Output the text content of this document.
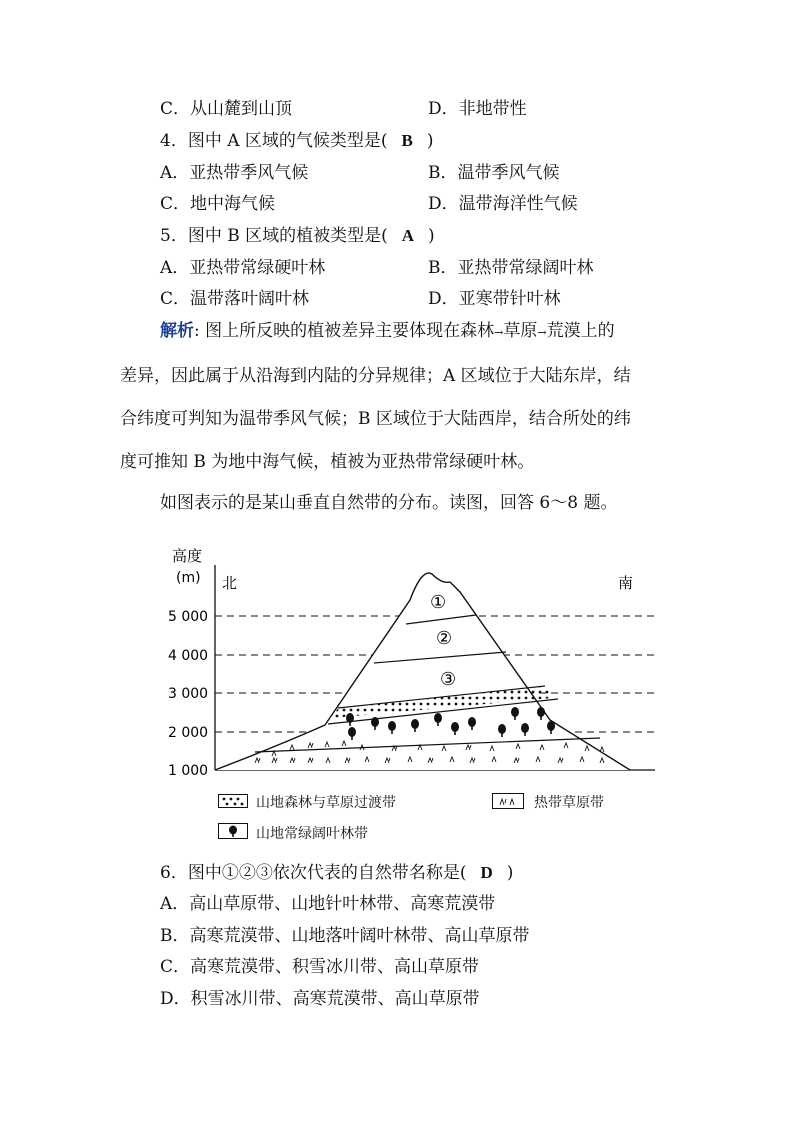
C．从山麓到山顶	D．非地带性
4．图中 A 区域的气候类型是( B )
A．亚热带季风气候	B．温带季风气候
C．地中海气候	D．温带海洋性气候
5．图中 B 区域的植被类型是( A )
A．亚热带常绿硬叶林	B．亚热带常绿阔叶林
C．温带落叶阔叶林	D．亚寒带针叶林
解析: 图上所反映的植被差异主要体现在森林→草原→荒漠上的
差异，因此属于从沿海到内陆的分异规律；A 区域位于大陆东岸，结
合纬度可判知为温带季风气候；B 区域位于大陆西岸，结合所处的纬
度可推知 B 为地中海气候，植被为亚热带常绿硬叶林。
如图表示的是某山垂直自然带的分布。读图，回答 6～8 题。
高度
(m) 北	南
5 000
4 000
3 000
2 000
1 000
①
②
③
山地森林与草原过渡带	热带草原带
山地常绿阔叶林带
6．图中①②③依次代表的自然带名称是( D )
A．高山草原带、山地针叶林带、高寒荒漠带
B．高寒荒漠带、山地落叶阔叶林带、高山草原带
C．高寒荒漠带、积雪冰川带、高山草原带
D．积雪冰川带、高寒荒漠带、高山草原带
